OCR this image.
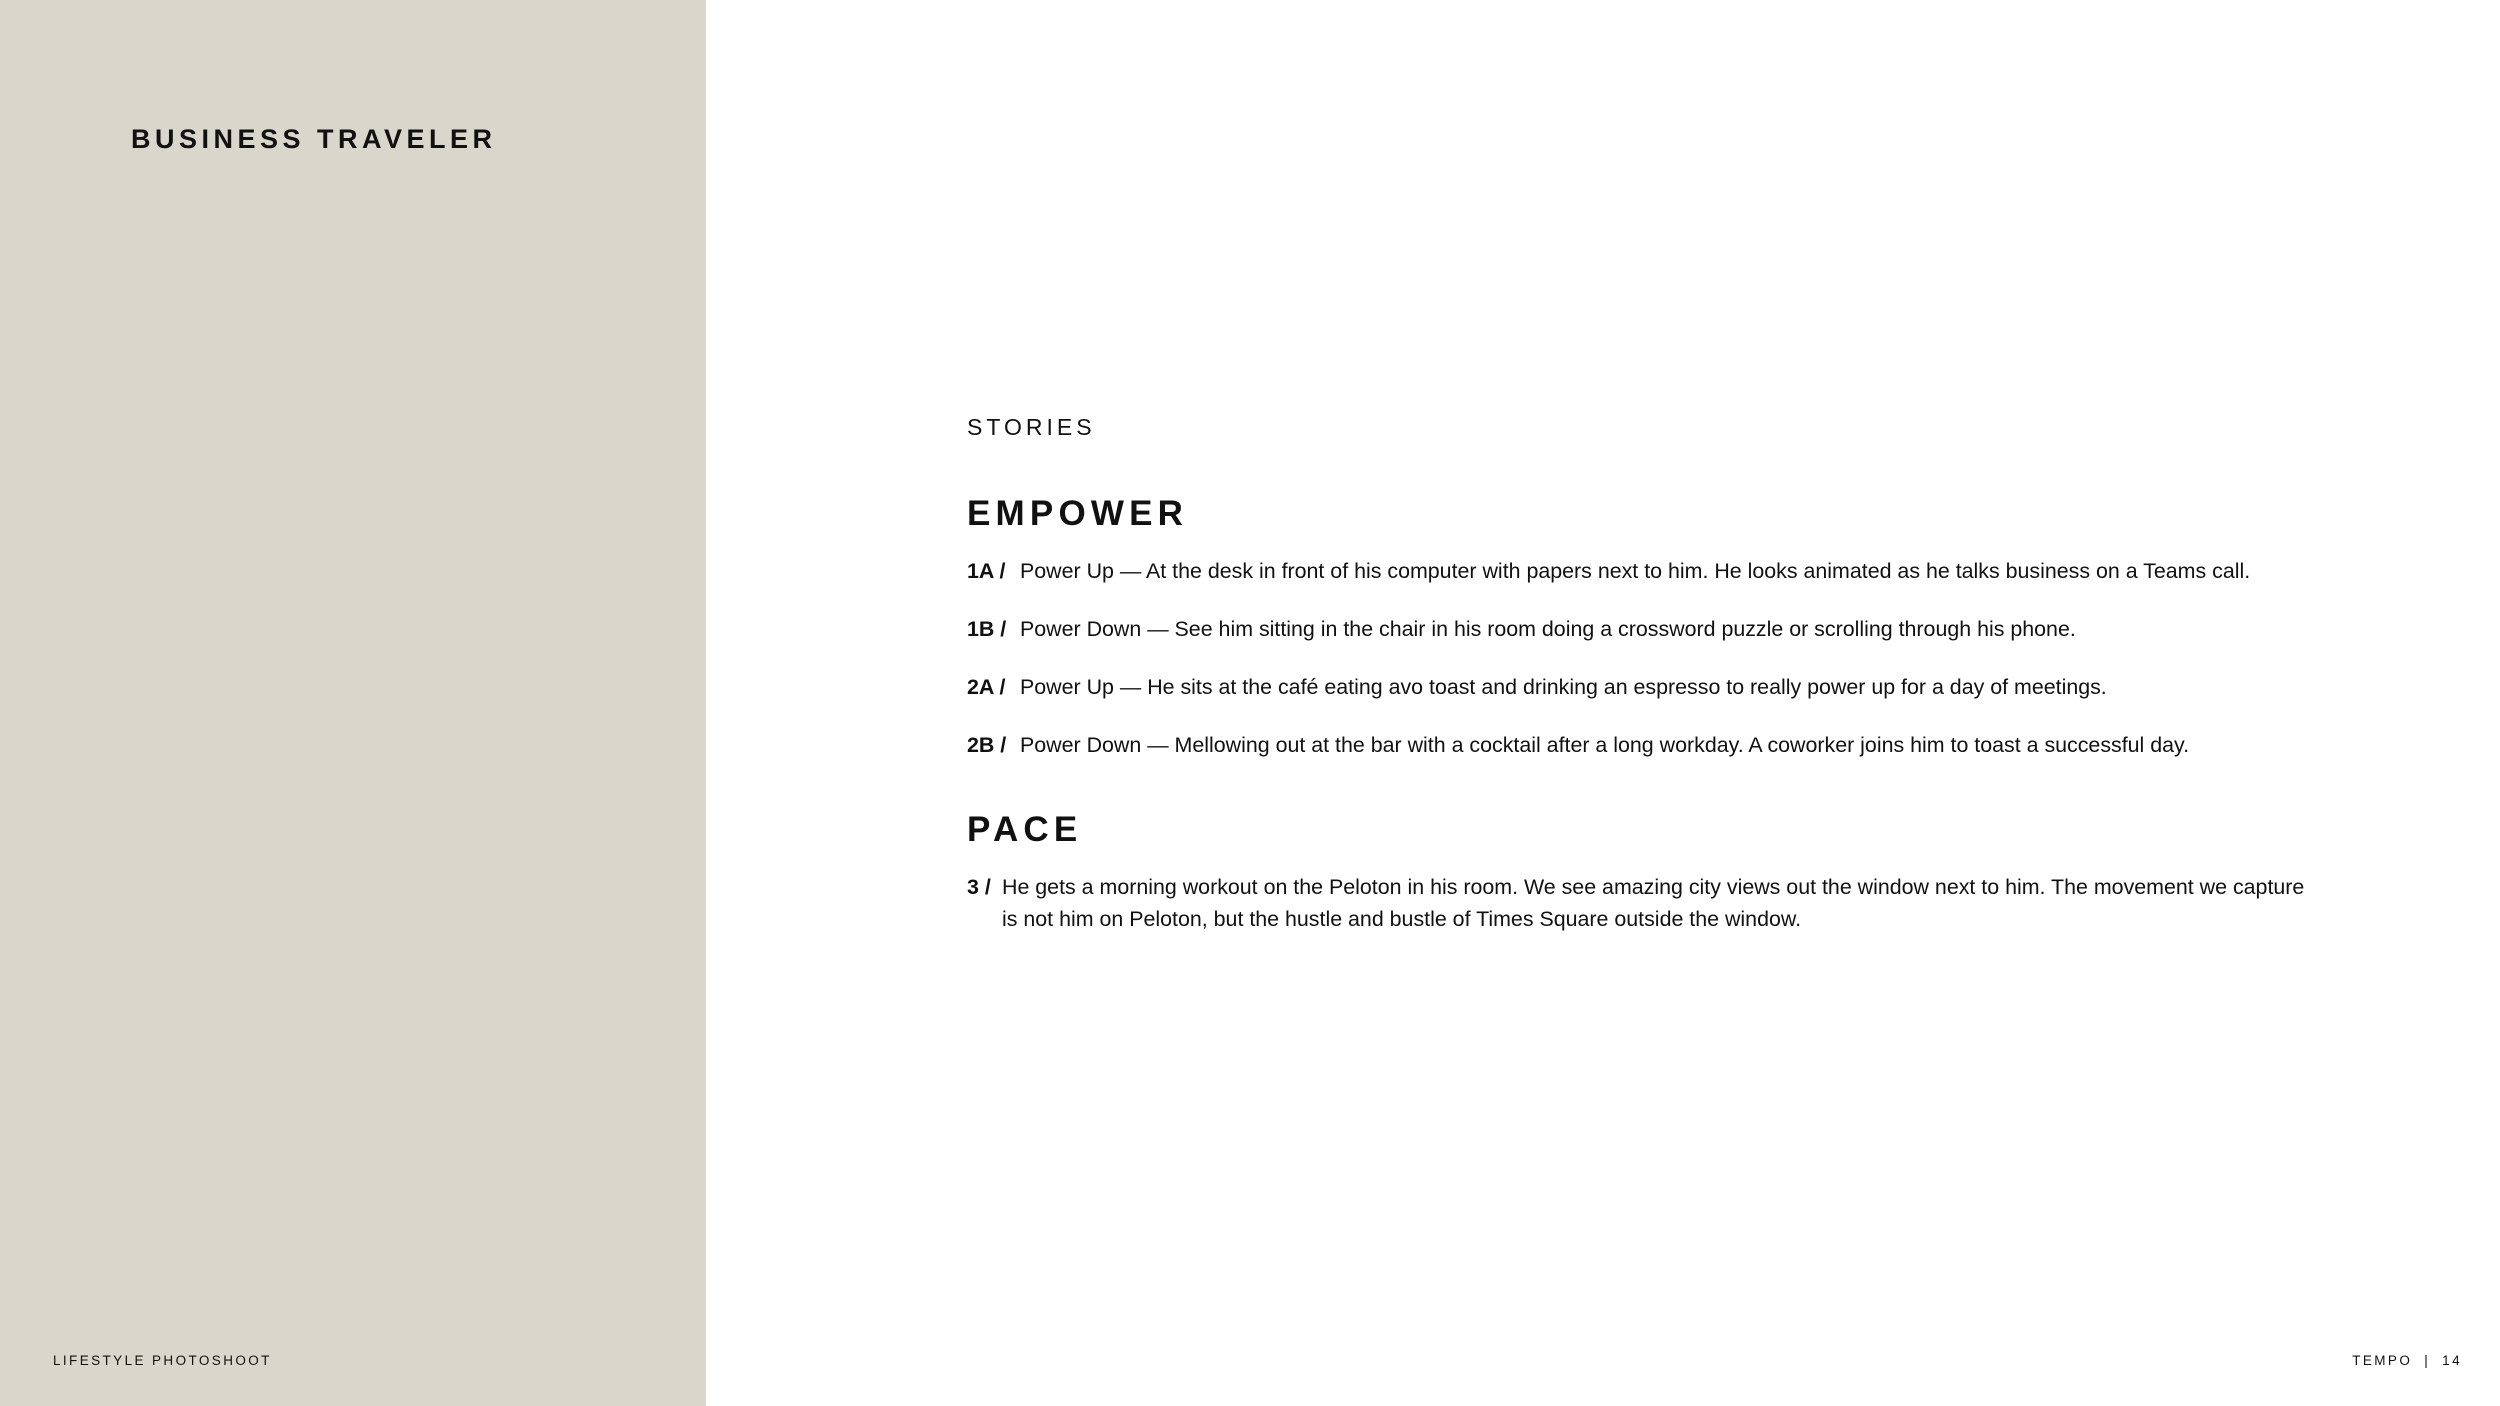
BUSINESS TRAVELER
LIFESTYLE PHOTOSHOOT
STORIES
EMPOWER
1A / Power Up — At the desk in front of his computer with papers next to him. He looks animated as he talks business on a Teams call.
1B / Power Down — See him sitting in the chair in his room doing a crossword puzzle or scrolling through his phone.
2A / Power Up — He sits at the café eating avo toast and drinking an espresso to really power up for a day of meetings.
2B / Power Down — Mellowing out at the bar with a cocktail after a long workday. A coworker joins him to toast a successful day.
PACE
3 / He gets a morning workout on the Peloton in his room. We see amazing city views out the window next to him. The movement we capture is not him on Peloton, but the hustle and bustle of Times Square outside the window.
TEMPO | 14
